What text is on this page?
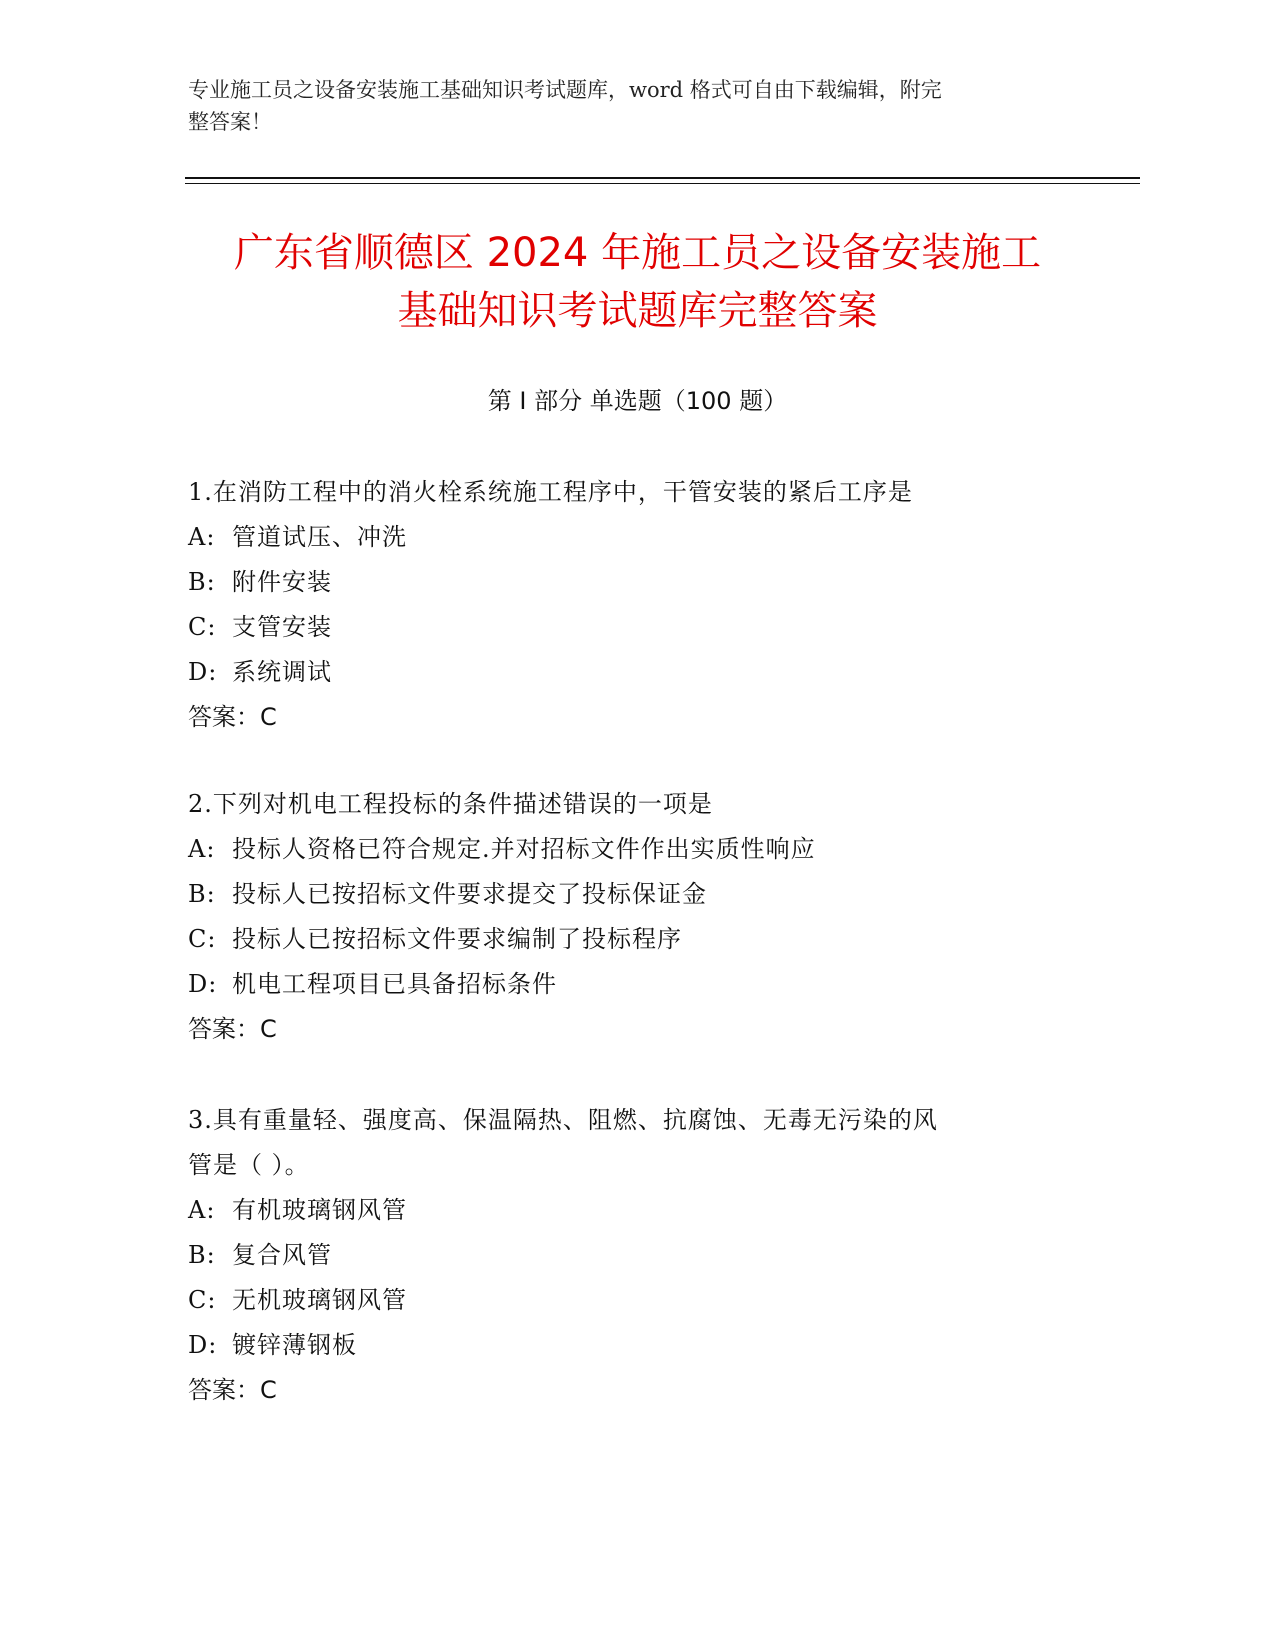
专业施工员之设备安装施工基础知识考试题库，word 格式可自由下载编辑，附完
整答案！
广东省顺德区 2024 年施工员之设备安装施工
基础知识考试题库完整答案
第 I 部分 单选题（100 题）
1.在消防工程中的消火栓系统施工程序中，干管安装的紧后工序是
A: 管道试压、冲洗
B: 附件安装
C: 支管安装
D: 系统调试
答案：C
2.下列对机电工程投标的条件描述错误的一项是
A: 投标人资格已符合规定.并对招标文件作出实质性响应
B: 投标人已按招标文件要求提交了投标保证金
C: 投标人已按招标文件要求编制了投标程序
D: 机电工程项目已具备招标条件
答案：C
3.具有重量轻、强度高、保温隔热、阻燃、抗腐蚀、无毒无污染的风
管是（ ）。
A: 有机玻璃钢风管
B: 复合风管
C: 无机玻璃钢风管
D: 镀锌薄钢板
答案：C
